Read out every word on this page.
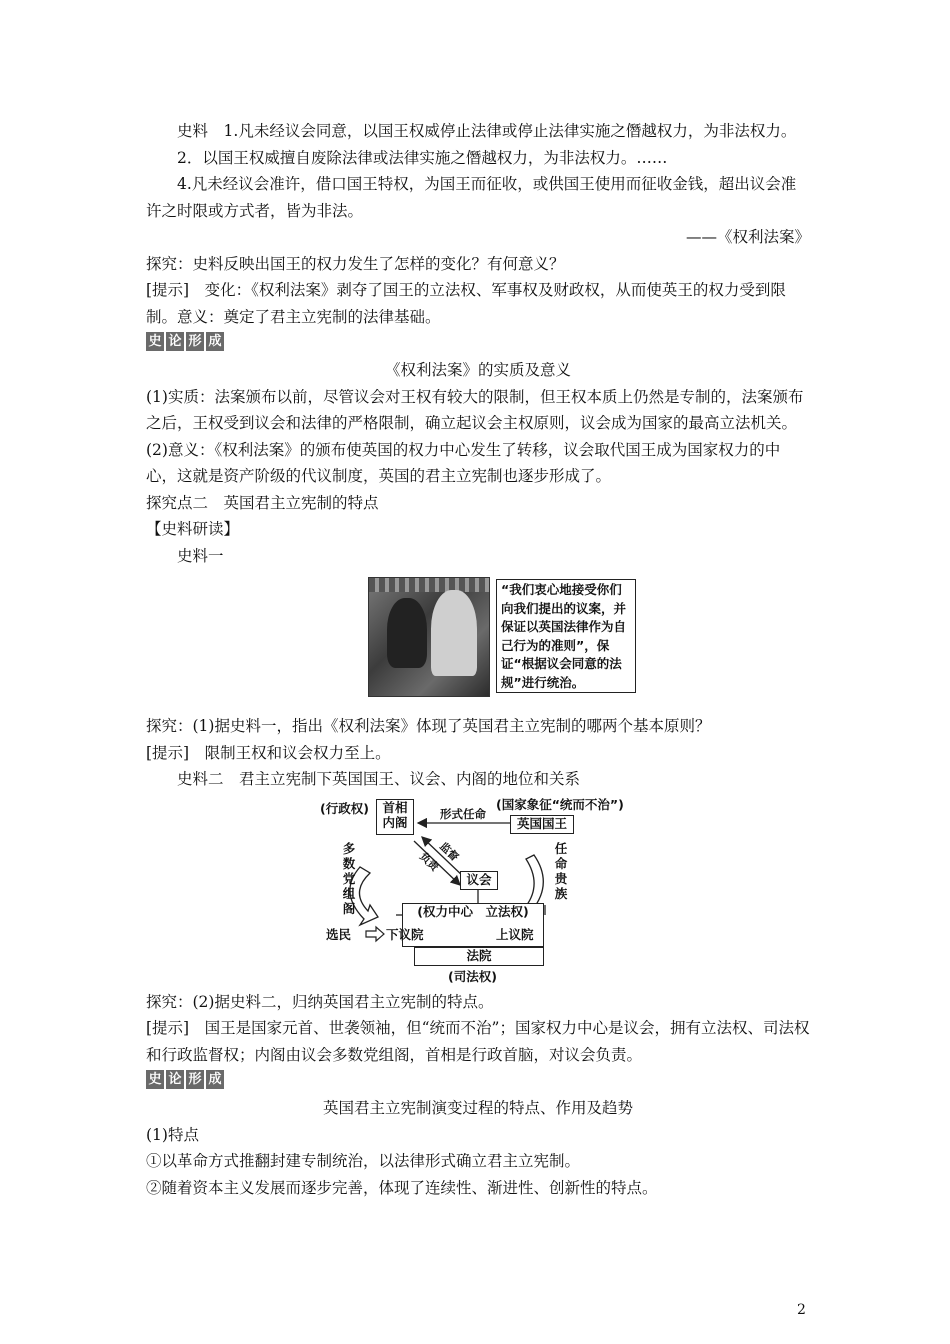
史料　 1.凡未经议会同意，以国王权威停止法律或停止法律实施之僭越权力，为非法权力。

2．以国王权威擅自废除法律或法律实施之僭越权力，为非法权力。……

4.凡未经议会准许，借口国王特权，为国王而征收，或供国王使用而征收金钱，超出议会准许之时限或方式者，皆为非法。

——《权利法案》

探究：史料反映出国王的权力发生了怎样的变化？有何意义？

[提示]　变化：《权利法案》剥夺了国王的立法权、军事权及财政权，从而使英王的权力受到限制。意义：奠定了君主立宪制的法律基础。

史 论 形 成

《权利法案》的实质及意义

(1)实质：法案颁布以前，尽管议会对王权有较大的限制，但王权本质上仍然是专制的，法案颁布之后，王权受到议会和法律的严格限制，确立起议会主权原则，议会成为国家的最高立法机关。

(2)意义：《权利法案》的颁布使英国的权力中心发生了转移，议会取代国王成为国家权力的中心，这就是资产阶级的代议制度，英国的君主立宪制也逐步形成了。

探究点二　英国君主立宪制的特点

【史料研读】

史料一

“我们衷心地接受你们向我们提出的议案，并保证以英国法律作为自己行为的准则”，保证“根据议会同意的法规”进行统治。

探究：(1)据史料一，指出《权利法案》体现了英国君主立宪制的哪两个基本原则？

[提示]　限制王权和议会权力至上。

史料二　君主立宪制下英国国王、议会、内阁的地位和关系

(行政权)	首相
内阁
形式任命
(国家象征“统而不治”)
英国国王
多
数
党
组
阁
任
命
贵
族
监督
负责
议会
(权力中心　立法权)
选民	下议院	上议院
法院
(司法权)

探究：(2)据史料二，归纳英国君主立宪制的特点。

[提示]　国王是国家元首、世袭领袖，但“统而不治”；国家权力中心是议会，拥有立法权、司法权和行政监督权；内阁由议会多数党组阁，首相是行政首脑，对议会负责。

史 论 形 成

英国君主立宪制演变过程的特点、作用及趋势

(1)特点

①以革命方式推翻封建专制统治，以法律形式确立君主立宪制。

②随着资本主义发展而逐步完善，体现了连续性、渐进性、创新性的特点。

2
